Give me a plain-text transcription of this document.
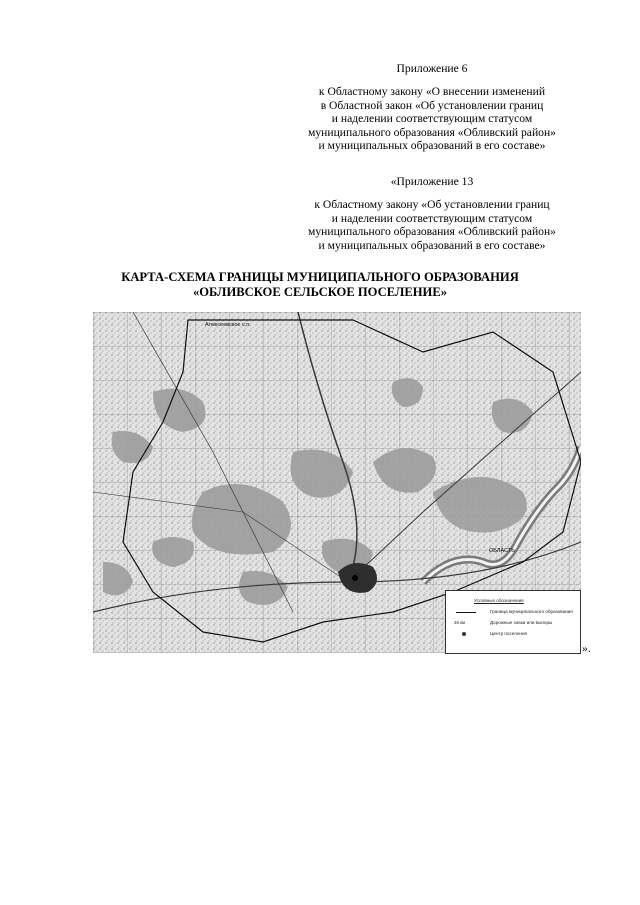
Приложение 6

к Областному закону «О внесении изменений

в Областной закон «Об установлении границ

и наделении соответствующим статусом

муниципального образования «Обливский район»

и муниципальных образований в его составе»

«Приложение 13

к Областному закону «Об установлении границ

и наделении соответствующим статусом

муниципального образования «Обливский район»

и муниципальных образований в его составе»

КАРТА-СХЕМА ГРАНИЦЫ МУНИЦИПАЛЬНОГО ОБРАЗОВАНИЯ

«ОБЛИВСКОЕ СЕЛЬСКОЕ ПОСЕЛЕНИЕ»

Алексеевское с.п.
ОБЛАСТЬ
Условные обозначения
Граница муниципального образования
26 км	Дорожные знаки или выноры
Центр поселения
».
